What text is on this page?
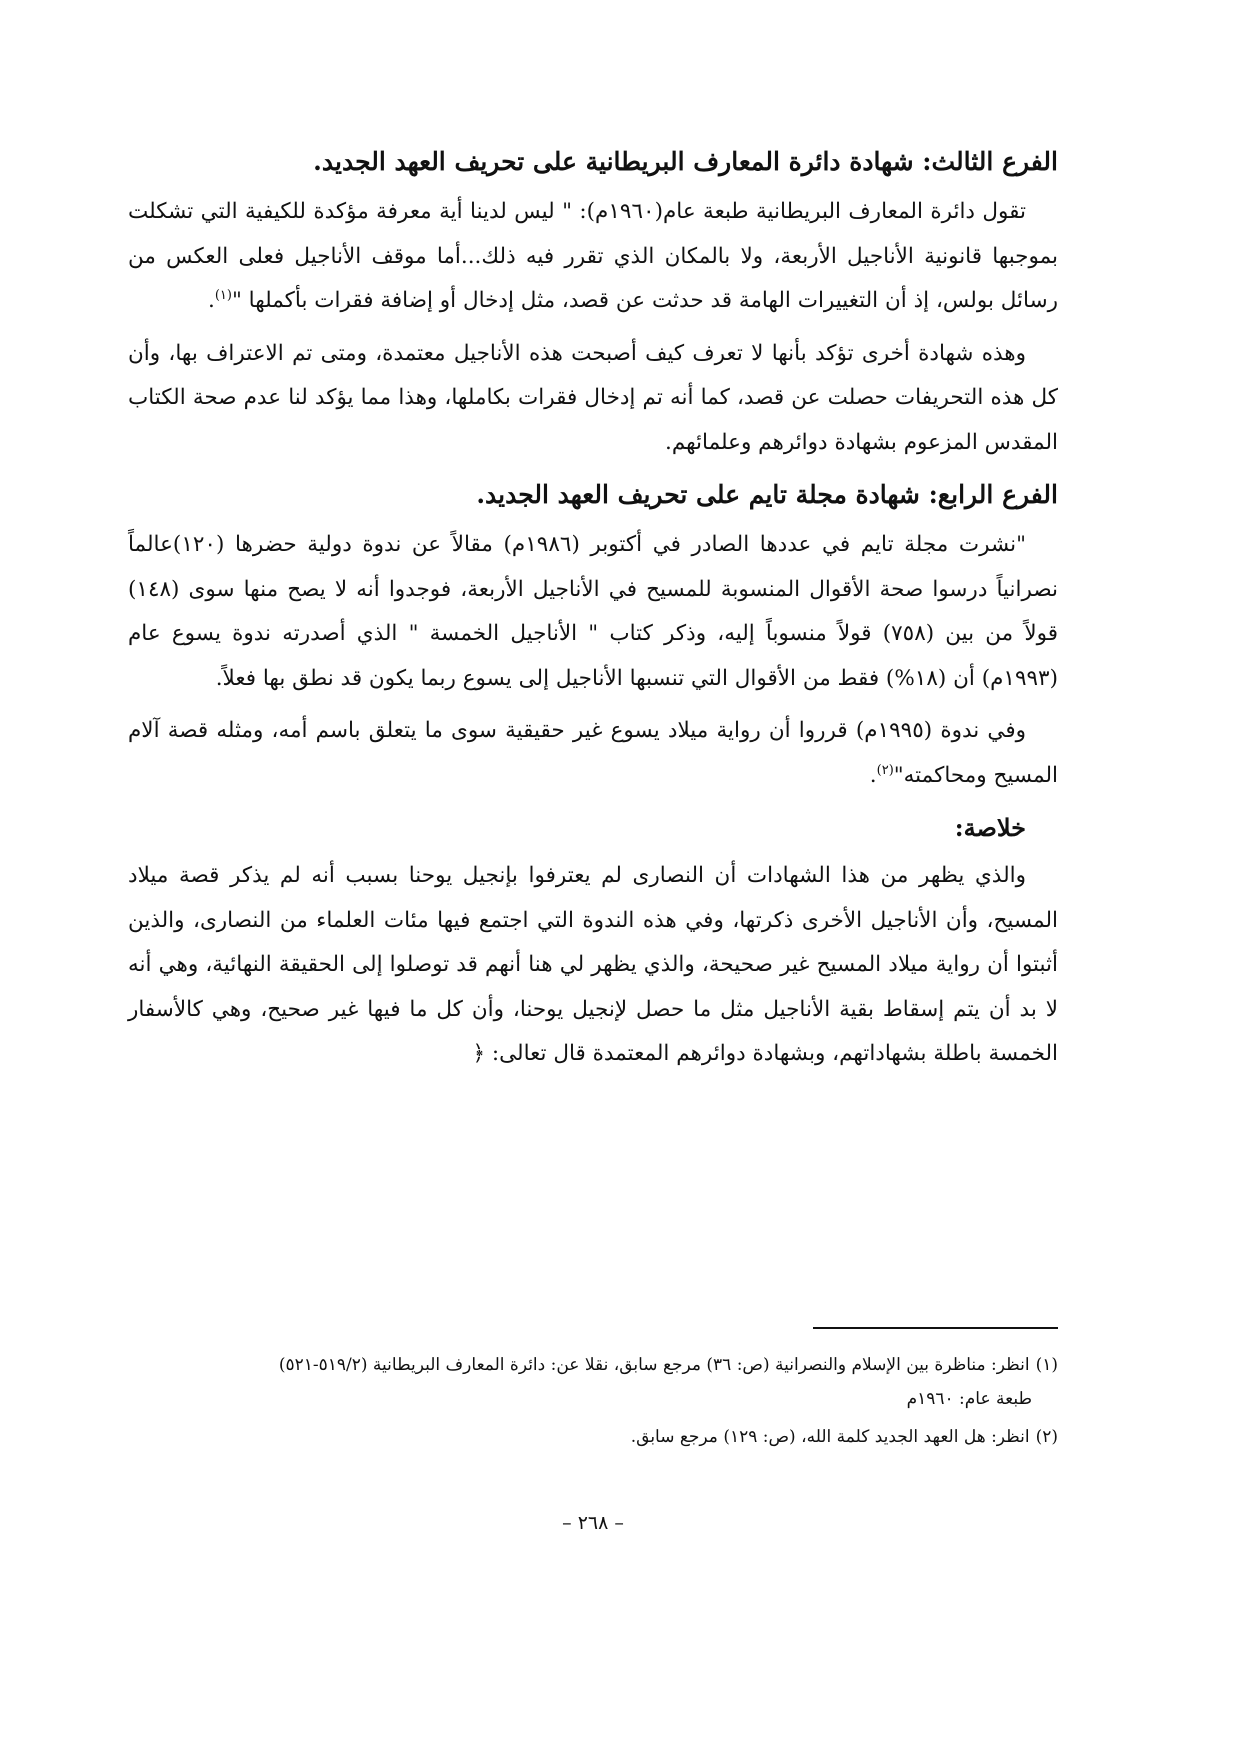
الفرع الثالث: شهادة دائرة المعارف البريطانية على تحريف العهد الجديد.

تقول دائرة المعارف البريطانية طبعة عام(١٩٦٠م): " ليس لدينا أية معرفة مؤكدة للكيفية التي تشكلت بموجبها قانونية الأناجيل الأربعة، ولا بالمكان الذي تقرر فيه ذلك...أما موقف الأناجيل فعلى العكس من رسائل بولس، إذ أن التغييرات الهامة قد حدثت عن قصد، مثل إدخال أو إضافة فقرات بأكملها "$^{(١)}$.

وهذه شهادة أخرى تؤكد بأنها لا تعرف كيف أصبحت هذه الأناجيل معتمدة، ومتى تم الاعتراف بها، وأن كل هذه التحريفات حصلت عن قصد، كما أنه تم إدخال فقرات بكاملها، وهذا مما يؤكد لنا عدم صحة الكتاب المقدس المزعوم بشهادة دوائرهم وعلمائهم.

الفرع الرابع: شهادة مجلة تايم على تحريف العهد الجديد.

"نشرت مجلة تايم في عددها الصادر في أكتوبر (١٩٨٦م) مقالاً عن ندوة دولية حضرها (١٢٠)عالماً نصرانياً درسوا صحة الأقوال المنسوبة للمسيح في الأناجيل الأربعة، فوجدوا أنه لا يصح منها سوى (١٤٨) قولاً من بين (٧٥٨) قولاً منسوباً إليه، وذكر كتاب " الأناجيل الخمسة " الذي أصدرته ندوة يسوع عام (١٩٩٣م) أن (١٨%) فقط من الأقوال التي تنسبها الأناجيل إلى يسوع ربما يكون قد نطق بها فعلاً.

وفي ندوة (١٩٩٥م) قرروا أن رواية ميلاد يسوع غير حقيقية سوى ما يتعلق باسم أمه، ومثله قصة آلام المسيح ومحاكمته"$^{(٢)}$.

خلاصة:

والذي يظهر من هذا الشهادات أن النصارى لم يعترفوا بإنجيل يوحنا بسبب أنه لم يذكر قصة ميلاد المسيح، وأن الأناجيل الأخرى ذكرتها، وفي هذه الندوة التي اجتمع فيها مئات العلماء من النصارى، والذين أثبتوا أن رواية ميلاد المسيح غير صحيحة، والذي يظهر لي هنا أنهم قد توصلوا إلى الحقيقة النهائية، وهي أنه لا بد أن يتم إسقاط بقية الأناجيل مثل ما حصل لإنجيل يوحنا، وأن كل ما فيها غير صحيح، وهي كالأسفار الخمسة باطلة بشهاداتهم، وبشهادة دوائرهم المعتمدة قال تعالى: ﴿

(١)انظر: مناظرة بين الإسلام والنصرانية (ص: ٣٦) مرجع سابق، نقلا عن: دائرة المعارف البريطانية (٥١٩/٢-٥٢١)
طبعة عام: ١٩٦٠م

(٢)انظر: هل العهد الجديد كلمة الله، (ص: ١٢٩) مرجع سابق.

– ٢٦٨ –
